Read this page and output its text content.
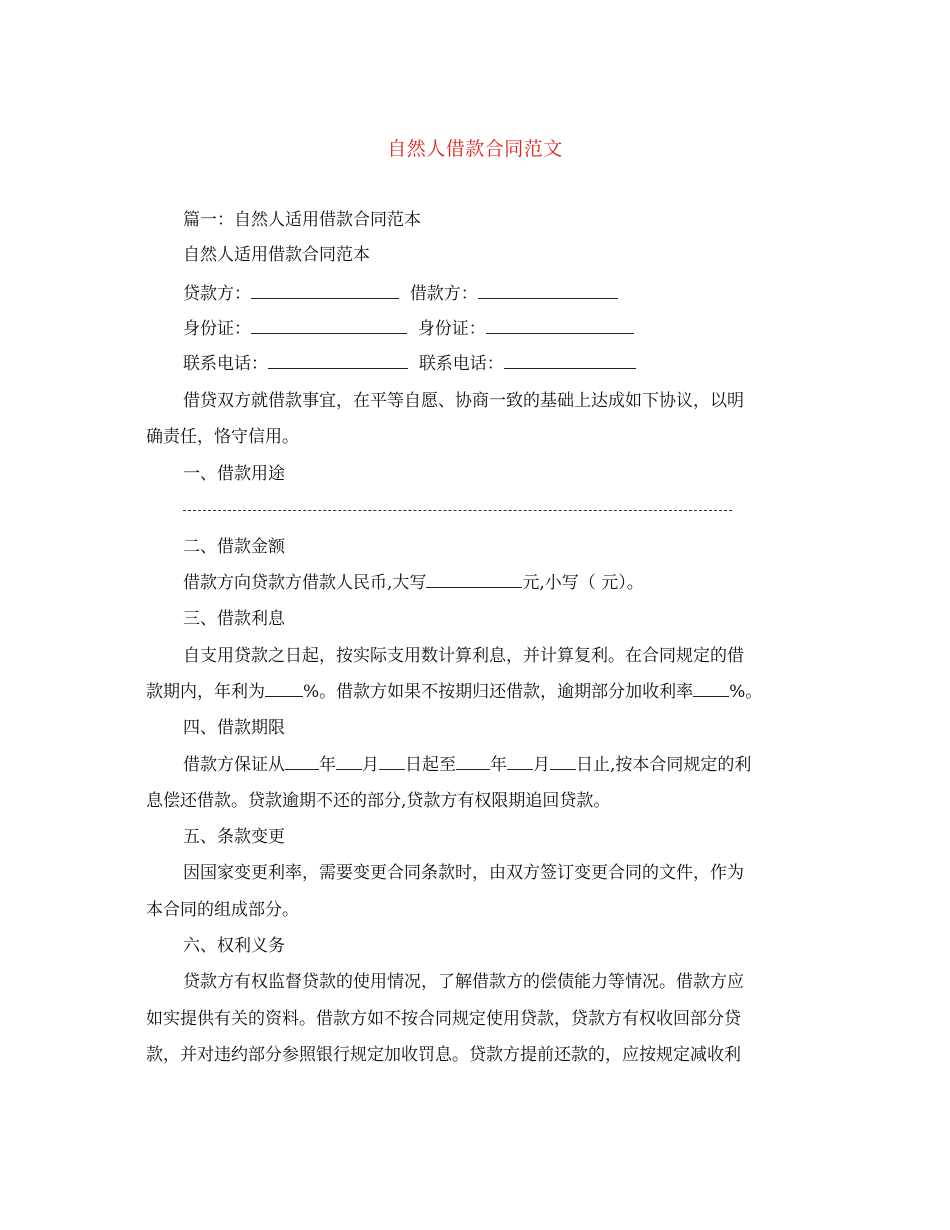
自然人借款合同范文
篇一：自然人适用借款合同范本
自然人适用借款合同范本
贷款方：	借款方：
身份证：	身份证：
联系电话：	联系电话：
借贷双方就借款事宜，在平等自愿、协商一致的基础上达成如下协议，以明
确责任，恪守信用。
一、借款用途
二、借款金额
借款方向贷款方借款人民币,大写	元,小写（ 元）。
三、借款利息
自支用贷款之日起，按实际支用数计算利息，并计算复利。在合同规定的借
款期内，年利为 %。借款方如果不按期归还借款，逾期部分加收利率 %。
四、借款期限
借款方保证从 年 月 日起至 年 月 日止,按本合同规定的利
息偿还借款。贷款逾期不还的部分,贷款方有权限期追回贷款。
五、条款变更
因国家变更利率，需要变更合同条款时，由双方签订变更合同的文件，作为
本合同的组成部分。
六、权利义务
贷款方有权监督贷款的使用情况，了解借款方的偿债能力等情况。借款方应
如实提供有关的资料。借款方如不按合同规定使用贷款，贷款方有权收回部分贷
款，并对违约部分参照银行规定加收罚息。贷款方提前还款的，应按规定减收利
